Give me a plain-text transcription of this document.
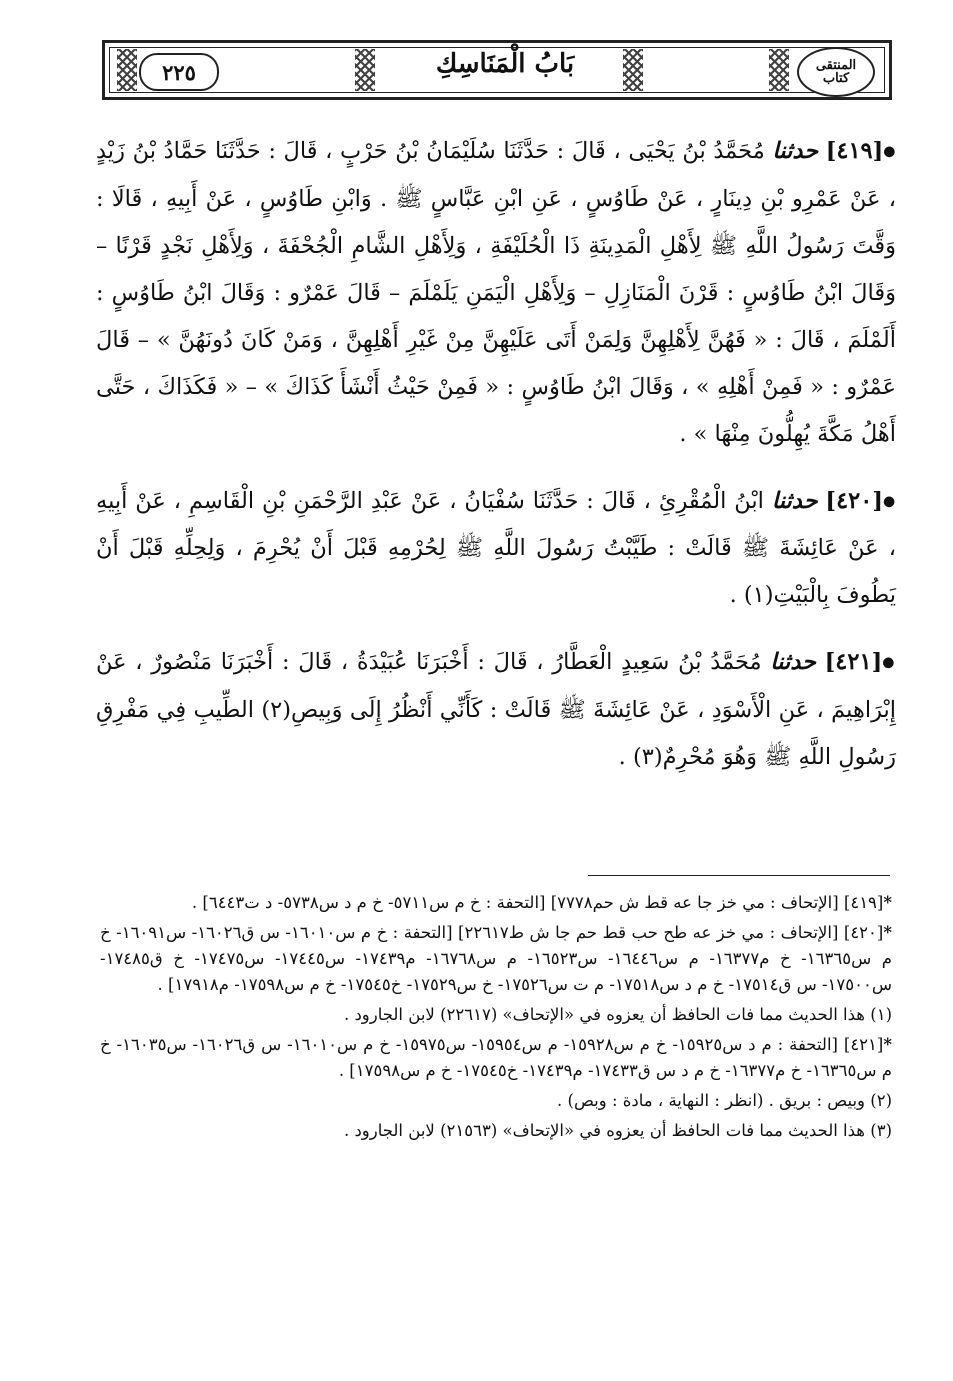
٢٢٥	بَابُ الْمَنَاسِكِ	المنتقى
كتاب

●[٤١٩] حدثنا مُحَمَّدُ بْنُ يَحْيَى ، قَالَ : حَدَّثَنَا سُلَيْمَانُ بْنُ حَرْبٍ ، قَالَ : حَدَّثَنَا حَمَّادُ بْنُ زَيْدٍ ، عَنْ عَمْرِو بْنِ دِينَارٍ ، عَنْ طَاوُسٍ ، عَنِ ابْنِ عَبَّاسٍ ﷺ . وَابْنِ طَاوُسٍ ، عَنْ أَبِيهِ ، قَالَا : وَقَّتَ رَسُولُ اللَّهِ ﷺ لِأَهْلِ الْمَدِينَةِ ذَا الْحُلَيْفَةِ ، وَلِأَهْلِ الشَّامِ الْجُحْفَةَ ، وَلِأَهْلِ نَجْدٍ قَرْنًا – وَقَالَ ابْنُ طَاوُسٍ : قَرْنَ الْمَنَازِلِ – وَلِأَهْلِ الْيَمَنِ يَلَمْلَمَ – قَالَ عَمْرٌو : وَقَالَ ابْنُ طَاوُسٍ : أَلَمْلَمَ ، قَالَ : « فَهُنَّ لِأَهْلِهِنَّ وَلِمَنْ أَتَى عَلَيْهِنَّ مِنْ غَيْرِ أَهْلِهِنَّ ، وَمَنْ كَانَ دُونَهُنَّ » – قَالَ عَمْرٌو : « فَمِنْ أَهْلِهِ » ، وَقَالَ ابْنُ طَاوُسٍ : « فَمِنْ حَيْثُ أَنْشَأَ كَذَاكَ » – « فَكَذَاكَ ، حَتَّى أَهْلُ مَكَّةَ يُهِلُّونَ مِنْهَا » .

●[٤٢٠] حدثنا ابْنُ الْمُقْرِئِ ، قَالَ : حَدَّثَنَا سُفْيَانُ ، عَنْ عَبْدِ الرَّحْمَنِ بْنِ الْقَاسِمِ ، عَنْ أَبِيهِ ، عَنْ عَائِشَةَ ﷺ قَالَتْ : طَيَّبْتُ رَسُولَ اللَّهِ ﷺ لِحُرْمِهِ قَبْلَ أَنْ يُحْرِمَ ، وَلِحِلِّهِ قَبْلَ أَنْ يَطُوفَ بِالْبَيْتِ(١) .

●[٤٢١] حدثنا مُحَمَّدُ بْنُ سَعِيدٍ الْعَطَّارُ ، قَالَ : أَخْبَرَنَا عُبَيْدَةُ ، قَالَ : أَخْبَرَنَا مَنْصُورٌ ، عَنْ إِبْرَاهِيمَ ، عَنِ الْأَسْوَدِ ، عَنْ عَائِشَةَ ﷺ قَالَتْ : كَأَنِّي أَنْظُرُ إِلَى وَبِيصِ(٢) الطِّيبِ فِي مَفْرِقِ رَسُولِ اللَّهِ ﷺ وَهُوَ مُحْرِمٌ(٣) .

*[٤١٩] [الإتحاف : مي خز جا عه قط ش حم٧٧٧٨] [التحفة : خ م س٥٧١١- خ م د س٥٧٣٨- د ت٦٤٤٣] .

*[٤٢٠] [الإتحاف : مي خز عه طح حب قط حم جا ش ط٢٢٦١٧] [التحفة : خ م س١٦٠١٠- س ق١٦٠٢٦- س١٦٠٩١- خ م س١٦٣٦٥- خ م١٦٣٧٧- م س١٦٤٤٦- س١٦٥٢٣- م س١٦٧٦٨- م١٧٤٣٩- س١٧٤٤٥- س١٧٤٧٥- خ ق١٧٤٨٥- س١٧٥٠٠- س ق١٧٥١٤- خ م د س١٧٥١٨- م ت س١٧٥٢٦- خ س١٧٥٢٩- خ١٧٥٤٥- خ م س١٧٥٩٨- م١٧٩١٨] .

(١) هذا الحديث مما فات الحافظ أن يعزوه في «الإتحاف» (٢٢٦١٧) لابن الجارود .

*[٤٢١] [التحفة : م د س١٥٩٢٥- خ م س١٥٩٢٨- م س١٥٩٥٤- س١٥٩٧٥- خ م س١٦٠١٠- س ق١٦٠٢٦- س١٦٠٣٥- خ م س١٦٣٦٥- خ م١٦٣٧٧- خ م د س ق١٧٤٣٣- م١٧٤٣٩- خ١٧٥٤٥- خ م س١٧٥٩٨] .

(٢) وبيص : بريق . (انظر : النهاية ، مادة : وبص) .

(٣) هذا الحديث مما فات الحافظ أن يعزوه في «الإتحاف» (٢١٥٦٣) لابن الجارود .
